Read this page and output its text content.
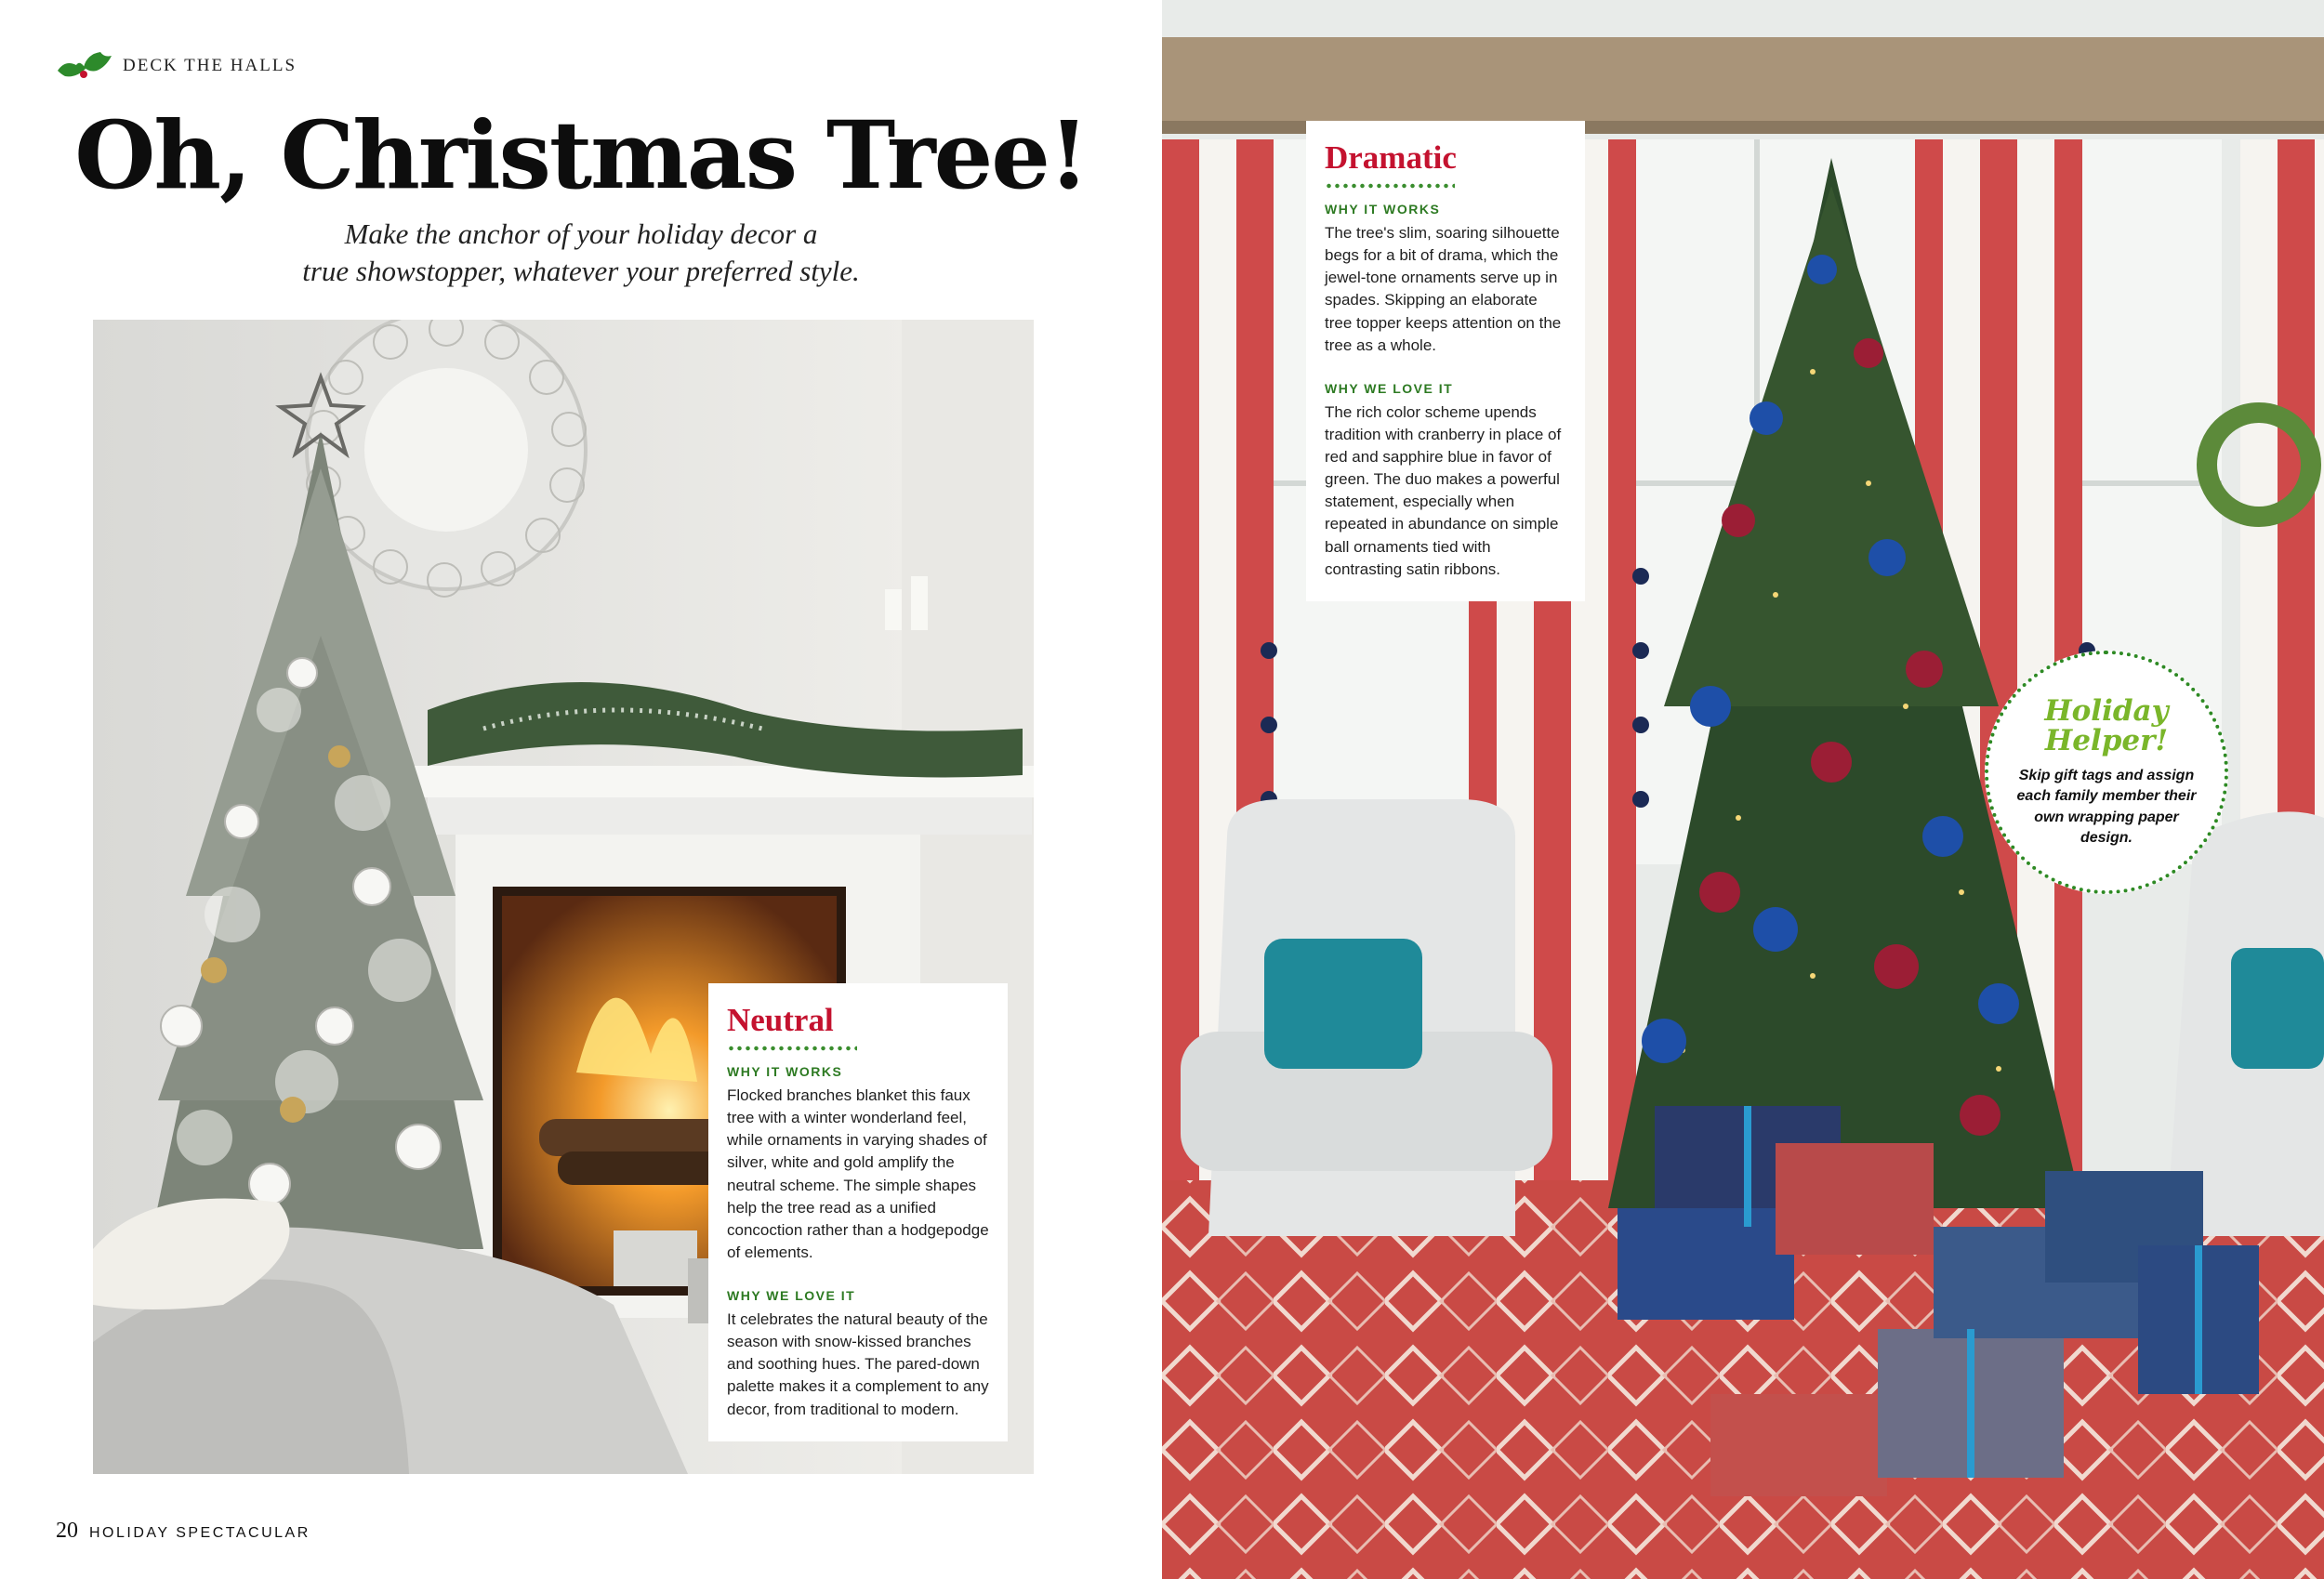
DECK THE HALLS
Oh, Christmas Tree!
Make the anchor of your holiday decor a
true showstopper, whatever your preferred style.
Neutral
WHY IT WORKS

Flocked branches blanket this faux tree with a winter wonderland feel, while ornaments in varying shades of silver, white and gold amplify the neutral scheme. The simple shapes help the tree read as a unified concoction rather than a hodgepodge of elements.

WHY WE LOVE IT

It celebrates the natural beauty of the season with snow-kissed branches and soothing hues. The pared-down palette makes it a complement to any decor, from traditional to modern.

20 HOLIDAY SPECTACULAR
Dramatic
WHY IT WORKS

The tree's slim, soaring silhouette begs for a bit of drama, which the jewel-tone ornaments serve up in spades. Skipping an elaborate tree topper keeps attention on the tree as a whole.

WHY WE LOVE IT

The rich color scheme upends tradition with cranberry in place of red and sapphire blue in favor of green. The duo makes a powerful statement, especially when repeated in abundance on simple ball ornaments tied with contrasting satin ribbons.

Holiday
Helper!
Skip gift tags and assign each family member their own wrapping paper design.
